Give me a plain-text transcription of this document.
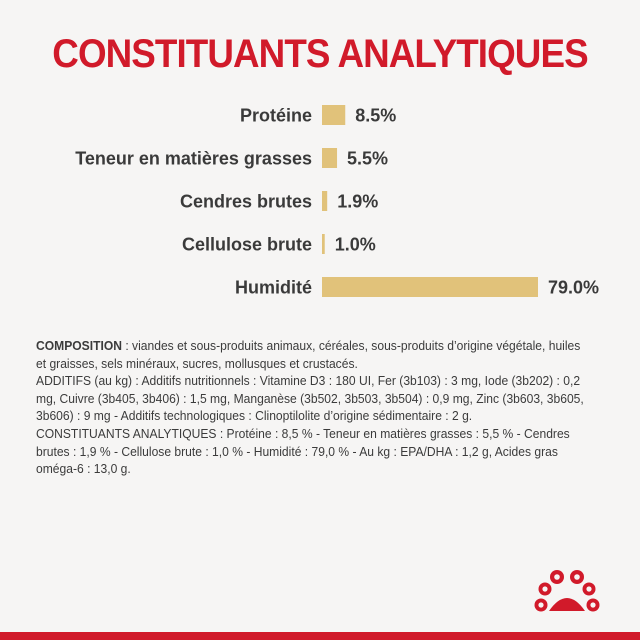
CONSTITUANTS ANALYTIQUES
Protéine 8.5%
Teneur en matières grasses 5.5%
Cendres brutes 1.9%
Cellulose brute 1.0%
Humidité	79.0%

COMPOSITION : viandes et sous-produits animaux, céréales, sous-produits d’origine végétale, huiles et graisses, sels minéraux, sucres, mollusques et crustacés.

ADDITIFS (au kg) : Additifs nutritionnels : Vitamine D3 : 180 UI, Fer (3b103) : 3 mg, Iode (3b202) : 0,2 mg, Cuivre (3b405, 3b406) : 1,5 mg, Manganèse (3b502, 3b503, 3b504) : 0,9 mg, Zinc (3b603, 3b605, 3b606) : 9 mg - Additifs technologiques : Clinoptilolite d’origine sédimentaire : 2 g.

CONSTITUANTS ANALYTIQUES : Protéine : 8,5 % - Teneur en matières grasses : 5,5 % - Cendres brutes : 1,9 % - Cellulose brute : 1,0 % - Humidité : 79,0 % - Au kg : EPA/DHA : 1,2 g, Acides gras oméga-6 : 13,0 g.
